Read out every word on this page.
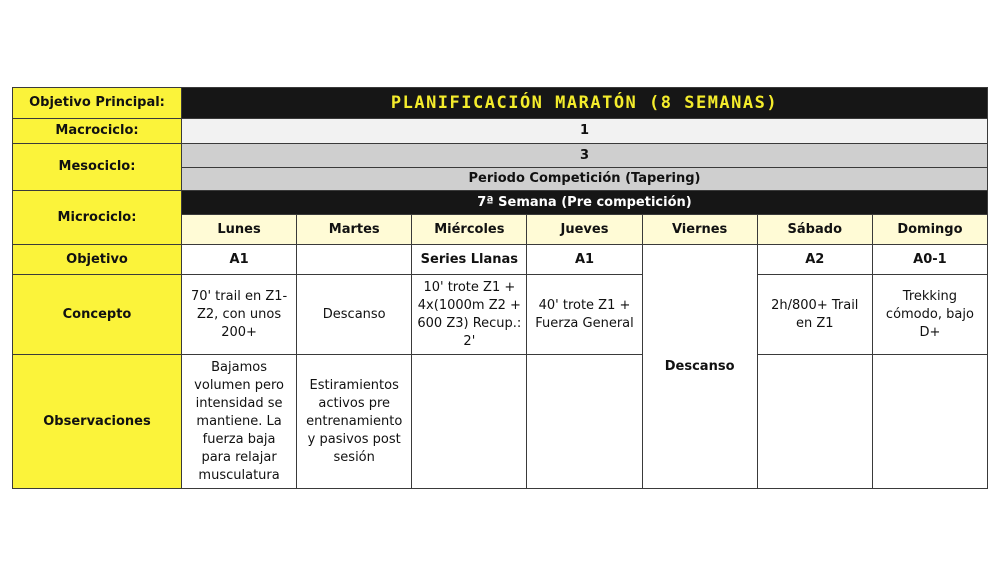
Objetivo Principal:	PLANIFICACIÓN MARATÓN (8 SEMANAS)						
Macrociclo:	1						
Mesociclo:	3						
	Periodo Competición (Tapering)						
Microciclo:	7ª Semana (Pre competición)						
	Lunes	Martes	Miércoles	Jueves	Viernes	Sábado	Domingo
Objetivo	A1		Series Llanas	A1	Descanso	A2	A0-1
Concepto	70' trail en Z1-Z2, con unos 200+	Descanso	10' trote Z1 + 4x(1000m Z2 + 600 Z3) Recup.: 2'	40' trote Z1 + Fuerza General		2h/800+ Trail en Z1	Trekking cómodo, bajo D+
Observaciones	Bajamos volumen pero intensidad se mantiene. La fuerza baja para relajar musculatura	Estiramientos activos pre entrenamiento y pasivos post sesión					
